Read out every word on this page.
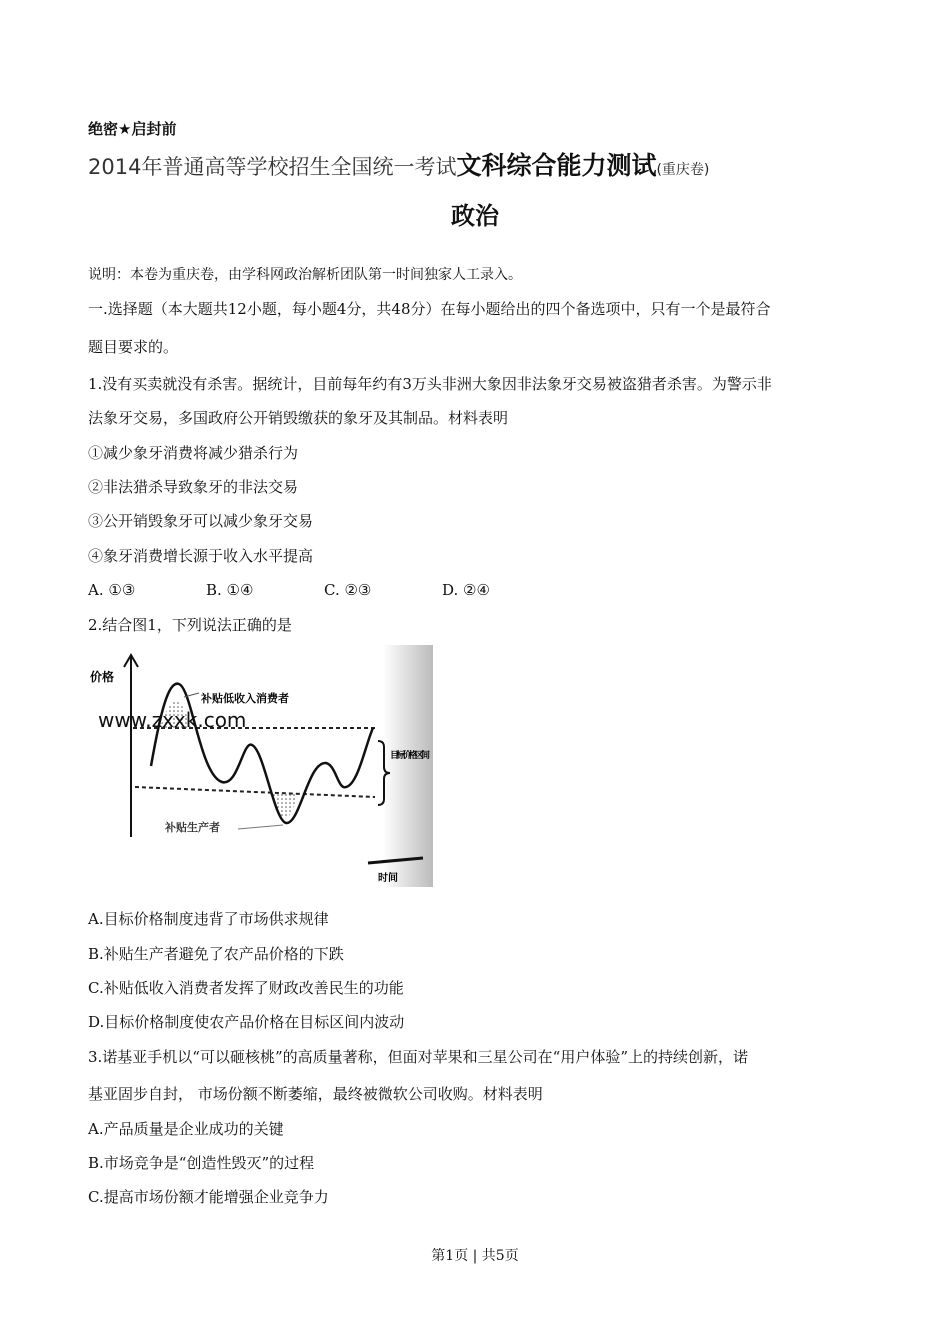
绝密★启封前
2014年普通高等学校招生全国统一考试文科综合能力测试(重庆卷)
政治
说明：本卷为重庆卷，由学科网政治解析团队第一时间独家人工录入。
一.选择题（本大题共12小题，每小题4分，共48分）在每小题给出的四个备选项中，只有一个是最符合
题目要求的。
1.没有买卖就没有杀害。据统计，目前每年约有3万头非洲大象因非法象牙交易被盗猎者杀害。为警示非
法象牙交易，多国政府公开销毁缴获的象牙及其制品。材料表明
①减少象牙消费将减少猎杀行为
②非法猎杀导致象牙的非法交易
③公开销毁象牙可以减少象牙交易
④象牙消费增长源于收入水平提高
A. ①③	B. ①④	C. ②③	D. ②④
2.结合图1，下列说法正确的是
价格
补贴低收入消费者
补贴生产者
目标价格区间
时间
www.zxxk.com
A.目标价格制度违背了市场供求规律
B.补贴生产者避免了农产品价格的下跌
C.补贴低收入消费者发挥了财政改善民生的功能
D.目标价格制度使农产品价格在目标区间内波动
3.诺基亚手机以“可以砸核桃”的高质量著称，但面对苹果和三星公司在“用户体验”上的持续创新，诺
基亚固步自封， 市场份额不断萎缩，最终被微软公司收购。材料表明
A.产品质量是企业成功的关键
B.市场竞争是“创造性毁灭”的过程
C.提高市场份额才能增强企业竞争力
第1页 | 共5页
